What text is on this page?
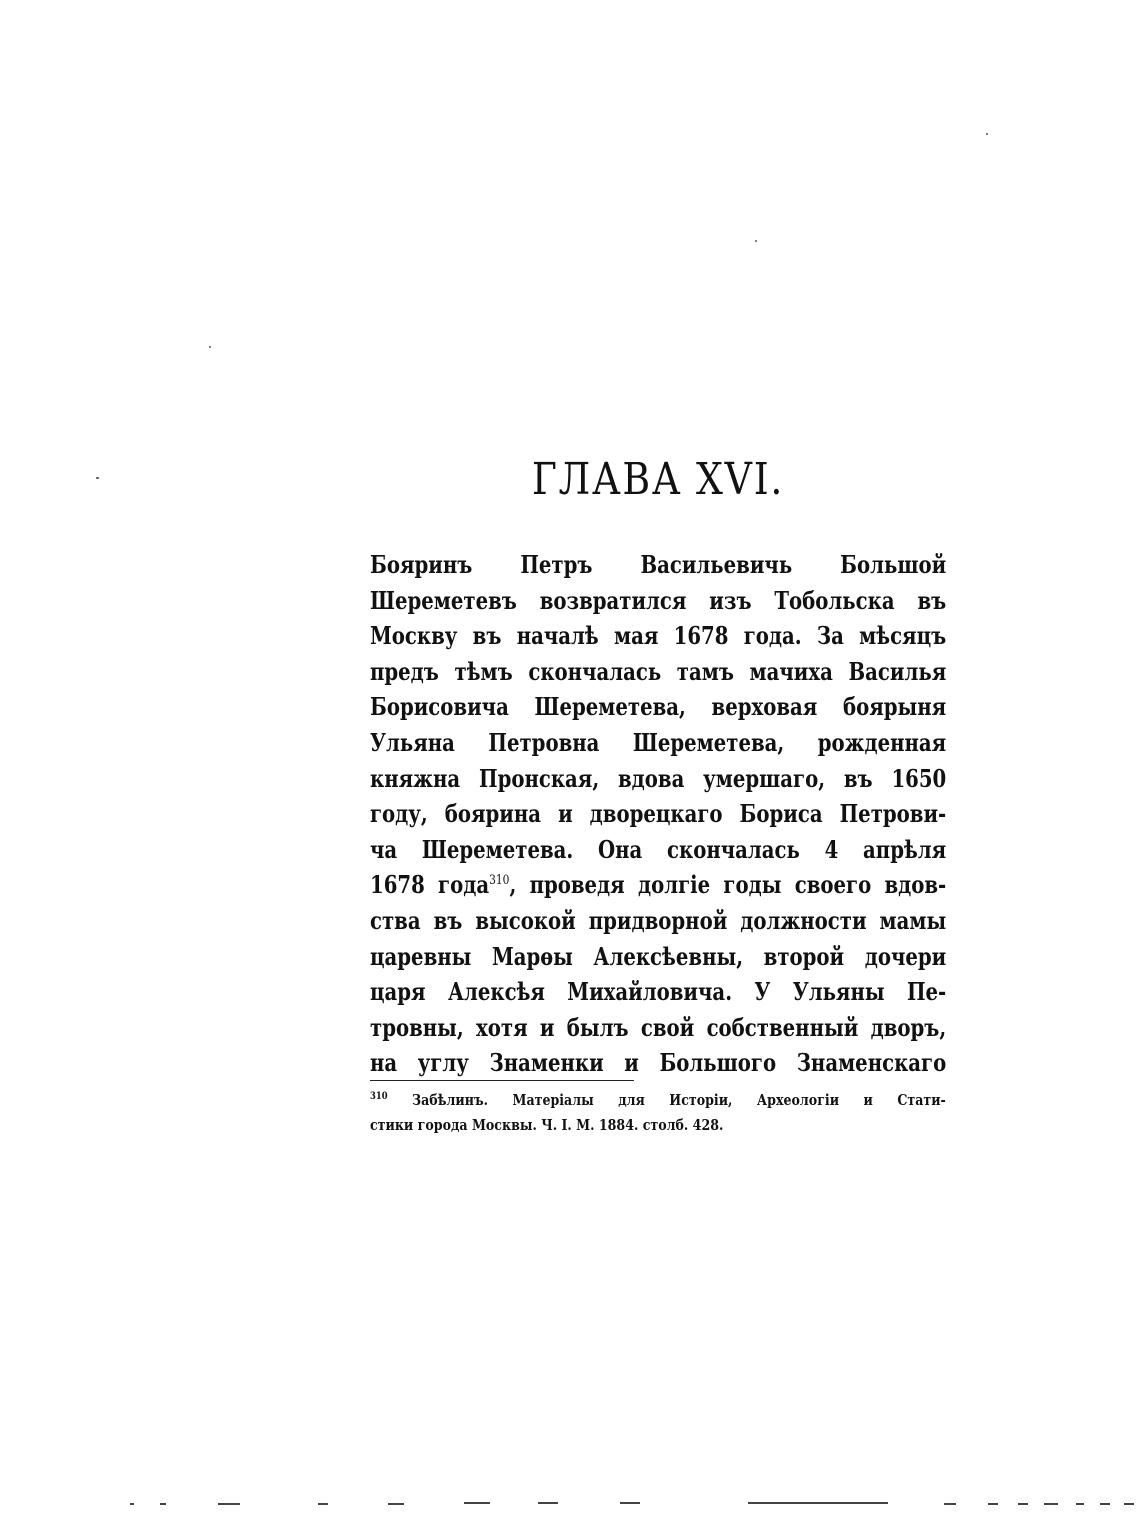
ГЛАВА XVI.
Бояринъ Петръ Васильевичь Большой
Шереметевъ возвратился изъ Тобольска въ
Москву въ началѣ мая 1678 года. За мѣсяцъ
предъ тѣмъ скончалась тамъ мачиха Василья
Борисовича Шереметева, верховая боярыня
Ульяна Петровна Шереметева, рожденная
княжна Пронская, вдова умершаго, въ 1650
году, боярина и дворецкаго Бориса Петрови-
ча Шереметева. Она скончалась 4 апрѣля
1678 года$^{310}$, проведя долгіе годы своего вдов-
ства въ высокой придворной должности мамы
царевны Марѳы Алексѣевны, второй дочери
царя Алексѣя Михайловича. У Ульяны Пе-
тровны, хотя и былъ свой собственный дворъ,
на углу Знаменки и Большого Знаменскаго
$^{310}$ Забѣлинъ. Матеріалы для Исторіи, Археологіи и Стати-
стики города Москвы. Ч. I. М. 1884. столб. 428.
